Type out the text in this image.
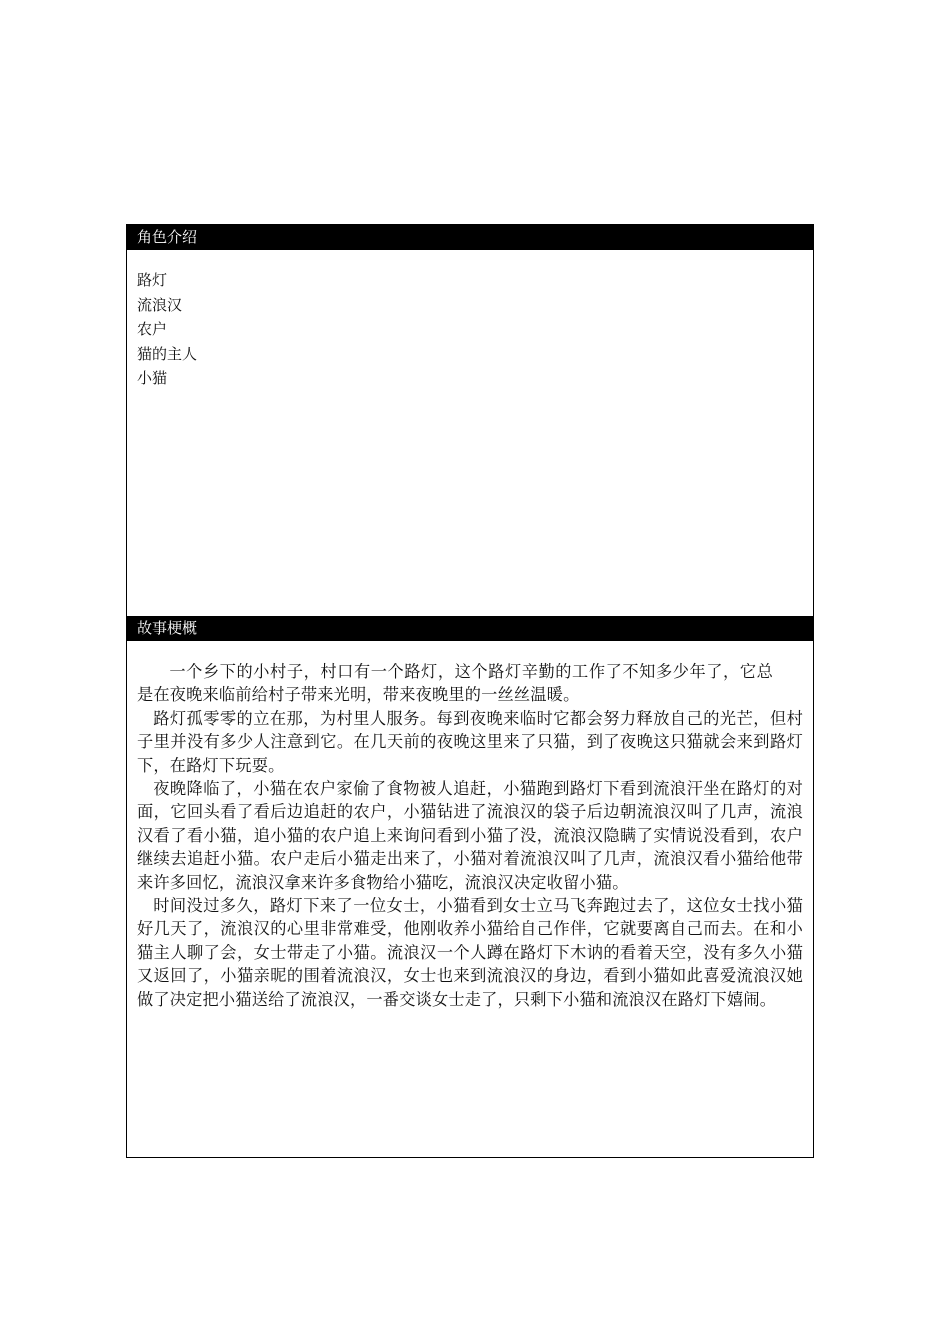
角色介绍
路灯
流浪汉
农户
猫的主人
小猫
故事梗概

一个乡下的小村子，村口有一个路灯，这个路灯辛勤的工作了不知多少年了，它总是在夜晚来临前给村子带来光明，带来夜晚里的一丝丝温暖。

路灯孤零零的立在那，为村里人服务。每到夜晚来临时它都会努力释放自己的光芒，但村子里并没有多少人注意到它。在几天前的夜晚这里来了只猫，到了夜晚这只猫就会来到路灯下，在路灯下玩耍。

夜晚降临了，小猫在农户家偷了食物被人追赶，小猫跑到路灯下看到流浪汗坐在路灯的对面，它回头看了看后边追赶的农户，小猫钻进了流浪汉的袋子后边朝流浪汉叫了几声，流浪汉看了看小猫，追小猫的农户追上来询问看到小猫了没，流浪汉隐瞒了实情说没看到，农户继续去追赶小猫。农户走后小猫走出来了，小猫对着流浪汉叫了几声，流浪汉看小猫给他带来许多回忆，流浪汉拿来许多食物给小猫吃，流浪汉决定收留小猫。

时间没过多久，路灯下来了一位女士，小猫看到女士立马飞奔跑过去了，这位女士找小猫好几天了，流浪汉的心里非常难受，他刚收养小猫给自己作伴，它就要离自己而去。在和小猫主人聊了会，女士带走了小猫。流浪汉一个人蹲在路灯下木讷的看着天空，没有多久小猫又返回了，小猫亲昵的围着流浪汉，女士也来到流浪汉的身边，看到小猫如此喜爱流浪汉她做了决定把小猫送给了流浪汉，一番交谈女士走了，只剩下小猫和流浪汉在路灯下嬉闹。
